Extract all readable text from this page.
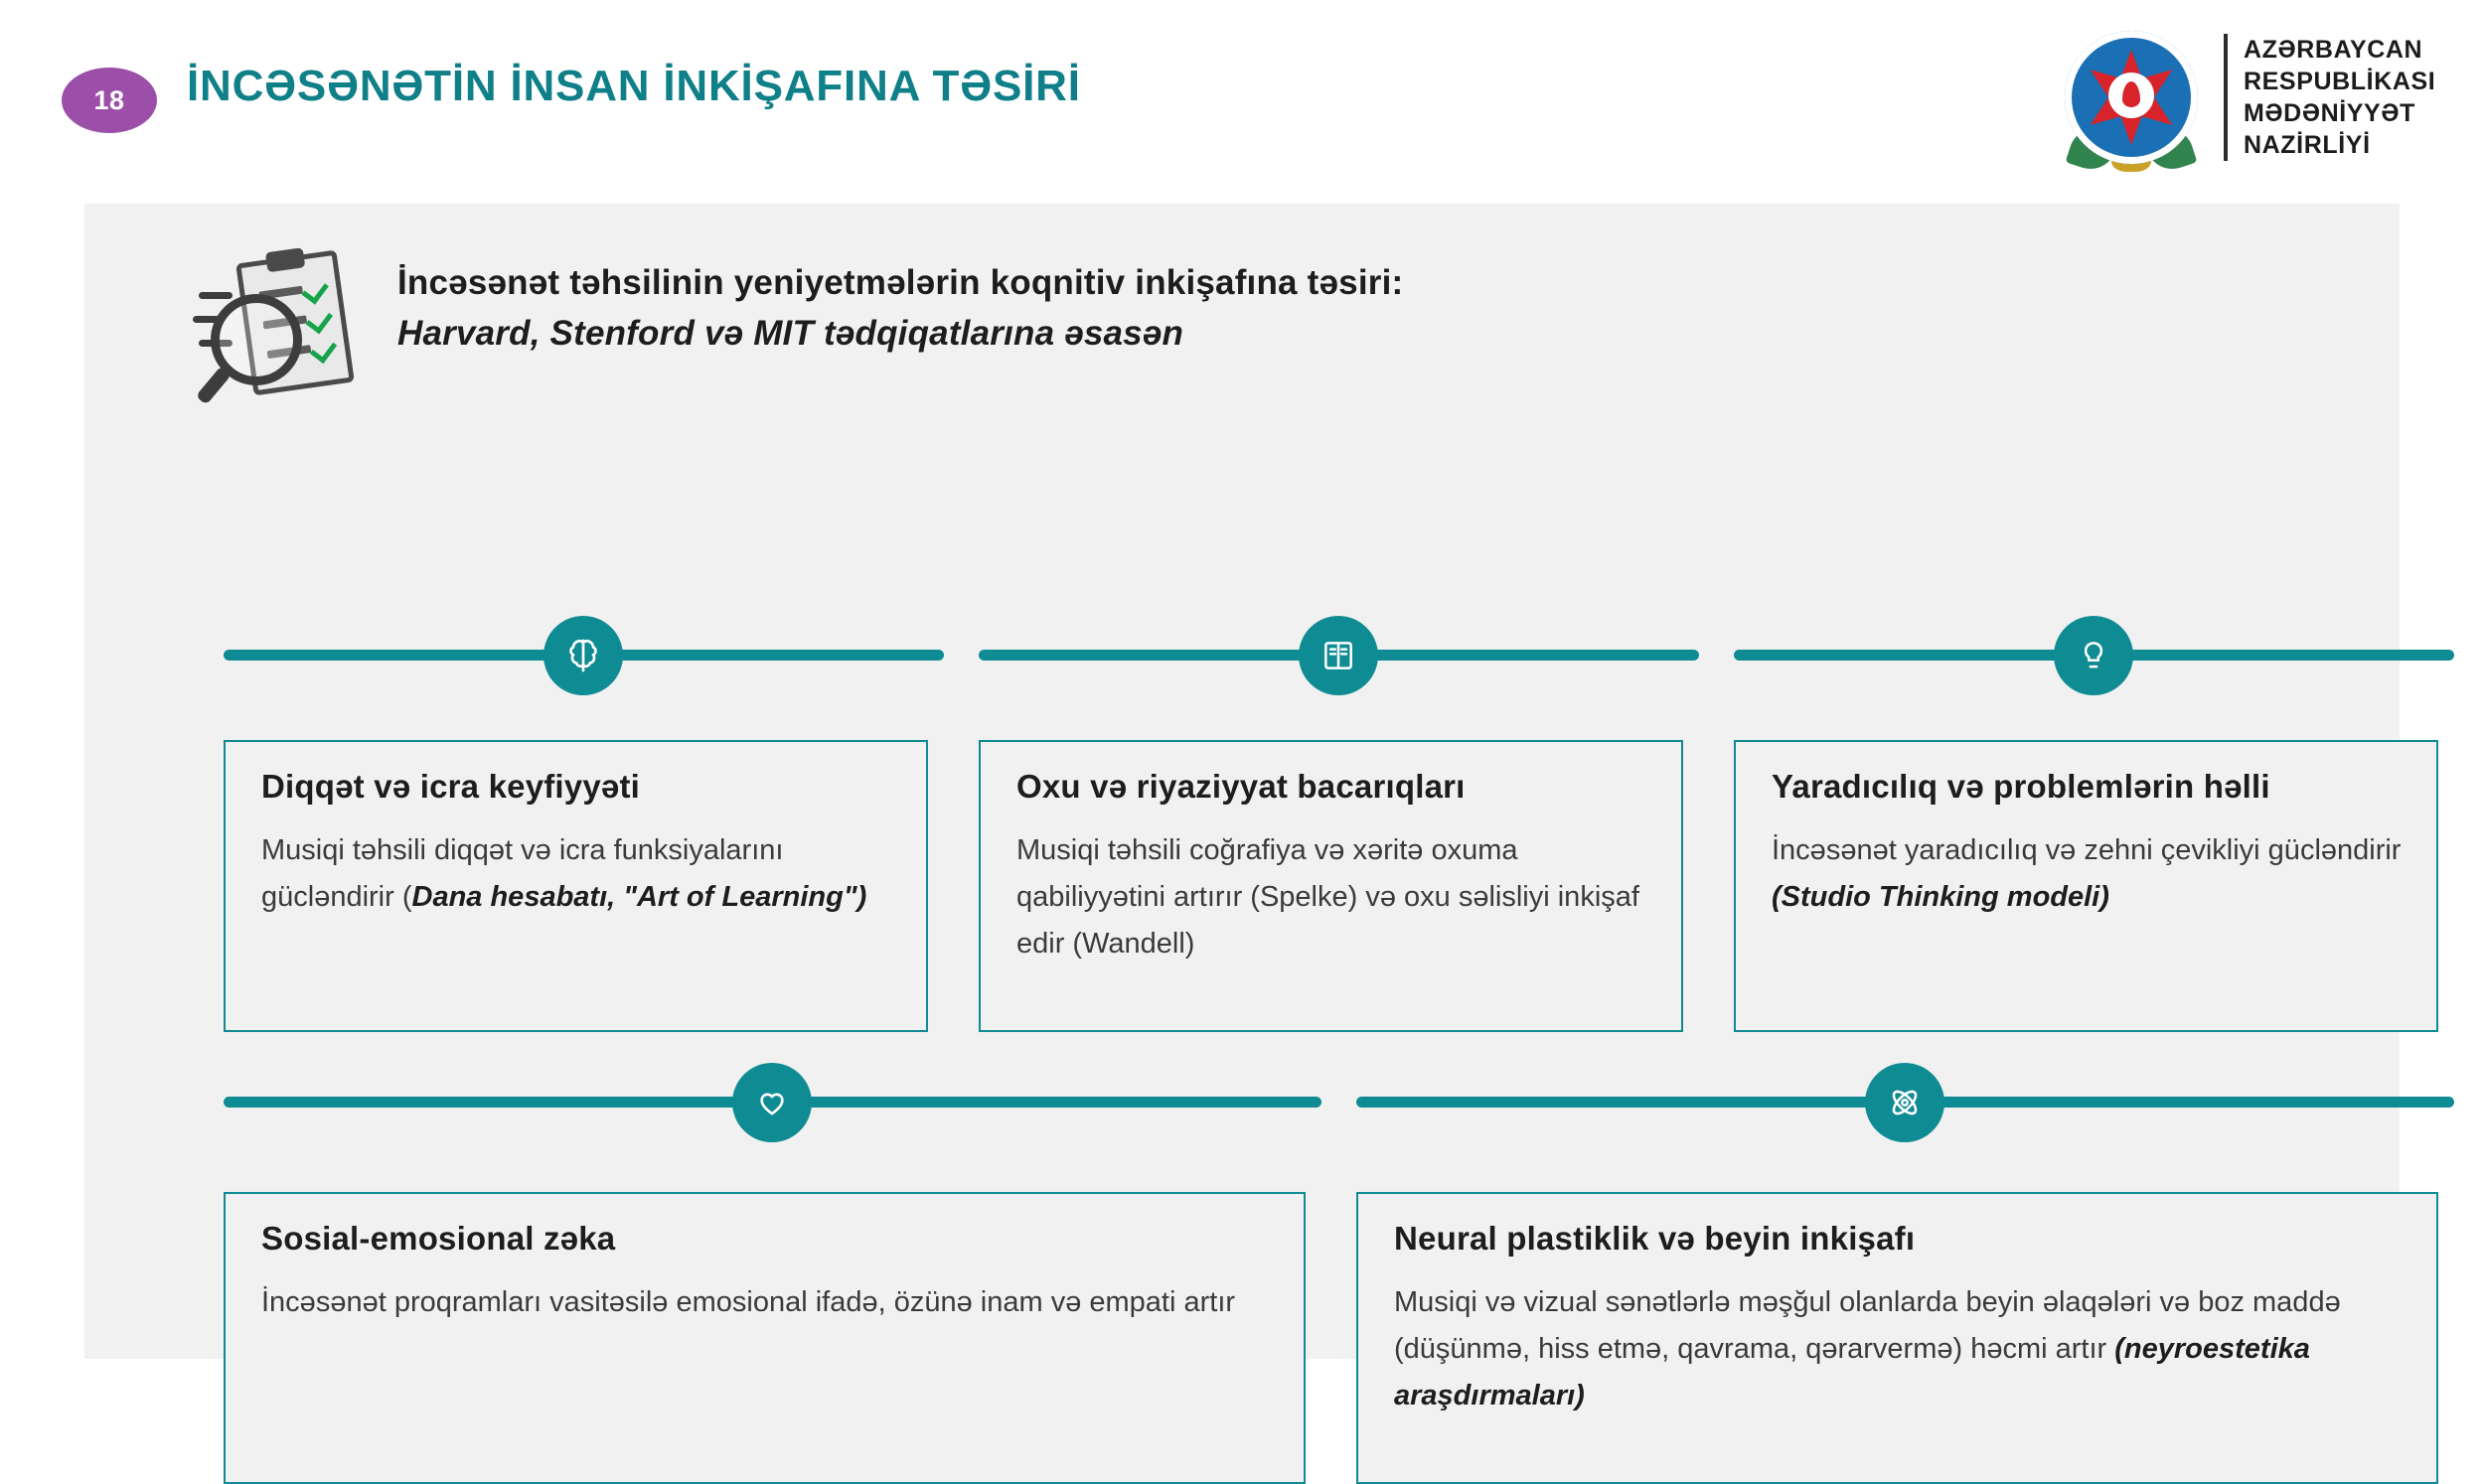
18 İNCƏSƏNƏTİN İNSAN İNKİŞAFINA TƏSİRİ
AZƏRBAYCAN
RESPUBLİKASI
MƏDƏNİYYƏT
NAZİRLİYİ
İncəsənət təhsilinin yeniyetmələrin koqnitiv inkişafına təsiri:
Harvard, Stenford və MIT tədqiqatlarına əsasən
Diqqət və icra keyfiyyəti
Musiqi təhsili diqqət və icra funksiyalarını gücləndirir (Dana hesabatı, "Art of Learning")
Oxu və riyaziyyat bacarıqları
Musiqi təhsili coğrafiya və xəritə oxuma qabiliyyətini artırır (Spelke) və oxu səlisliyi inkişaf edir (Wandell)
Yaradıcılıq və problemlərin həlli
İncəsənət yaradıcılıq və zehni çevikliyi gücləndirir (Studio Thinking modeli)
Sosial-emosional zəka
İncəsənət proqramları vasitəsilə emosional ifadə, özünə inam və empati artır
Neural plastiklik və beyin inkişafı
Musiqi və vizual sənətlərlə məşğul olanlarda beyin əlaqələri və boz maddə (düşünmə, hiss etmə, qavrama, qərarvermə) həcmi artır (neyroestetika araşdırmaları)
